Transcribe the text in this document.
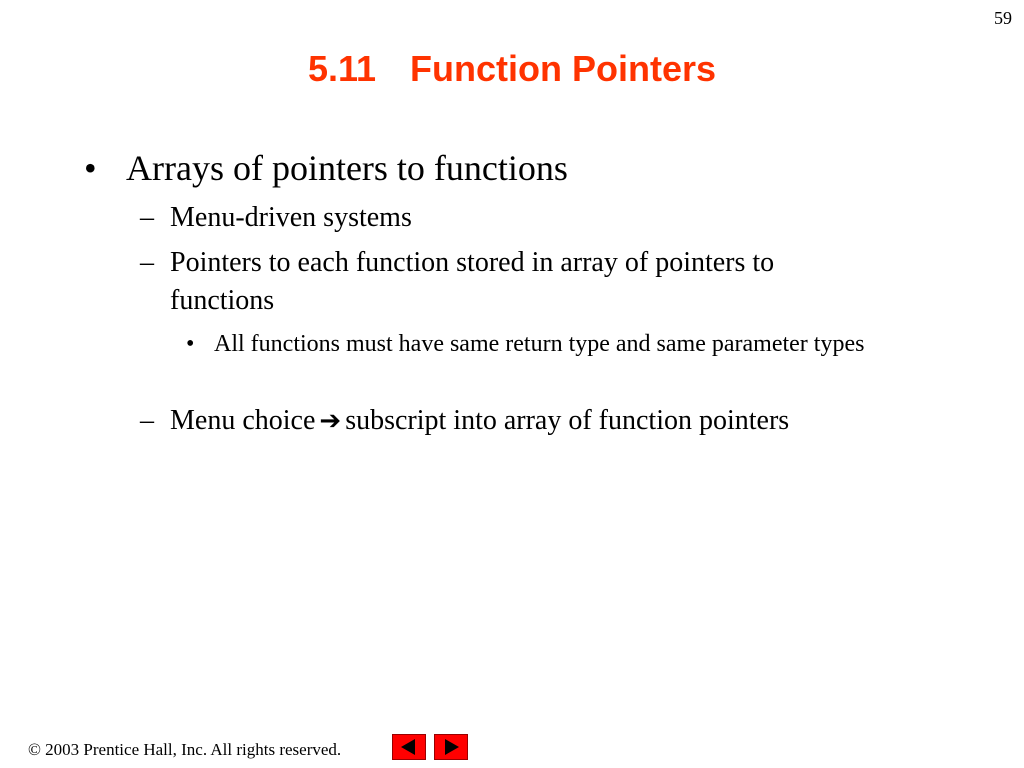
59
5.11 Function Pointers
• Arrays of pointers to functions
– Menu-driven systems
– Pointers to each function stored in array of pointers to functions
• All functions must have same return type and same parameter types
– Menu choice ➔ subscript into array of function pointers
© 2003 Prentice Hall, Inc. All rights reserved.
